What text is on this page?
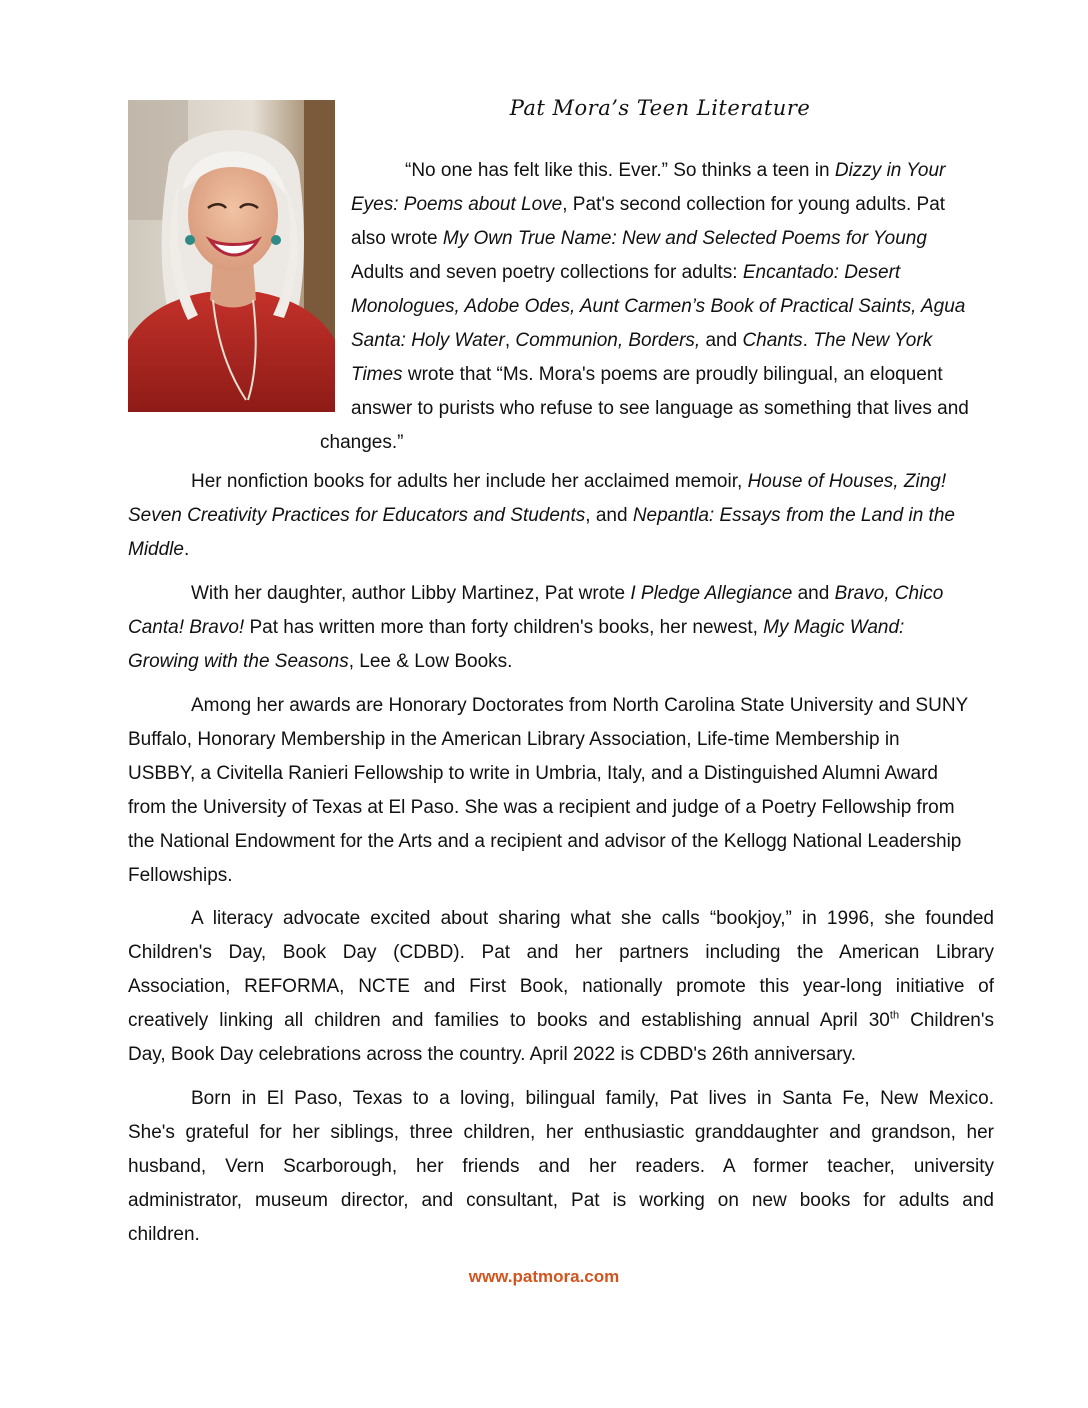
Pat Mora’s Teen Literature
“No one has felt like this. Ever.” So thinks a teen in Dizzy in Your
Eyes: Poems about Love, Pat's second collection for young adults. Pat
also wrote My Own True Name: New and Selected Poems for Young
Adults and seven poetry collections for adults: Encantado: Desert
Monologues, Adobe Odes, Aunt Carmen’s Book of Practical Saints, Agua
Santa: Holy Water, Communion, Borders, and Chants. The New York
Times wrote that “Ms. Mora's poems are proudly bilingual, an eloquent
answer to purists who refuse to see language as something that lives and
changes.”
Her nonfiction books for adults her include her acclaimed memoir, House of Houses, Zing!
Seven Creativity Practices for Educators and Students, and Nepantla: Essays from the Land in the
Middle.
With her daughter, author Libby Martinez, Pat wrote I Pledge Allegiance and Bravo, Chico
Canta! Bravo! Pat has written more than forty children's books, her newest, My Magic Wand:
Growing with the Seasons, Lee & Low Books.
Among her awards are Honorary Doctorates from North Carolina State University and SUNY
Buffalo, Honorary Membership in the American Library Association, Life-time Membership in
USBBY, a Civitella Ranieri Fellowship to write in Umbria, Italy, and a Distinguished Alumni Award
from the University of Texas at El Paso. She was a recipient and judge of a Poetry Fellowship from
the National Endowment for the Arts and a recipient and advisor of the Kellogg National Leadership
Fellowships.
A literacy advocate excited about sharing what she calls “bookjoy,” in 1996, she founded
Children's Day, Book Day (CDBD). Pat and her partners including the American Library
Association, REFORMA, NCTE and First Book, nationally promote this year-long initiative of
creatively linking all children and families to books and establishing annual April 30th Children's
Day, Book Day celebrations across the country. April 2022 is CDBD's 26th anniversary.
Born in El Paso, Texas to a loving, bilingual family, Pat lives in Santa Fe, New Mexico.
She's grateful for her siblings, three children, her enthusiastic granddaughter and grandson, her
husband, Vern Scarborough, her friends and her readers. A former teacher, university
administrator, museum director, and consultant, Pat is working on new books for adults and
children.
www.patmora.com
